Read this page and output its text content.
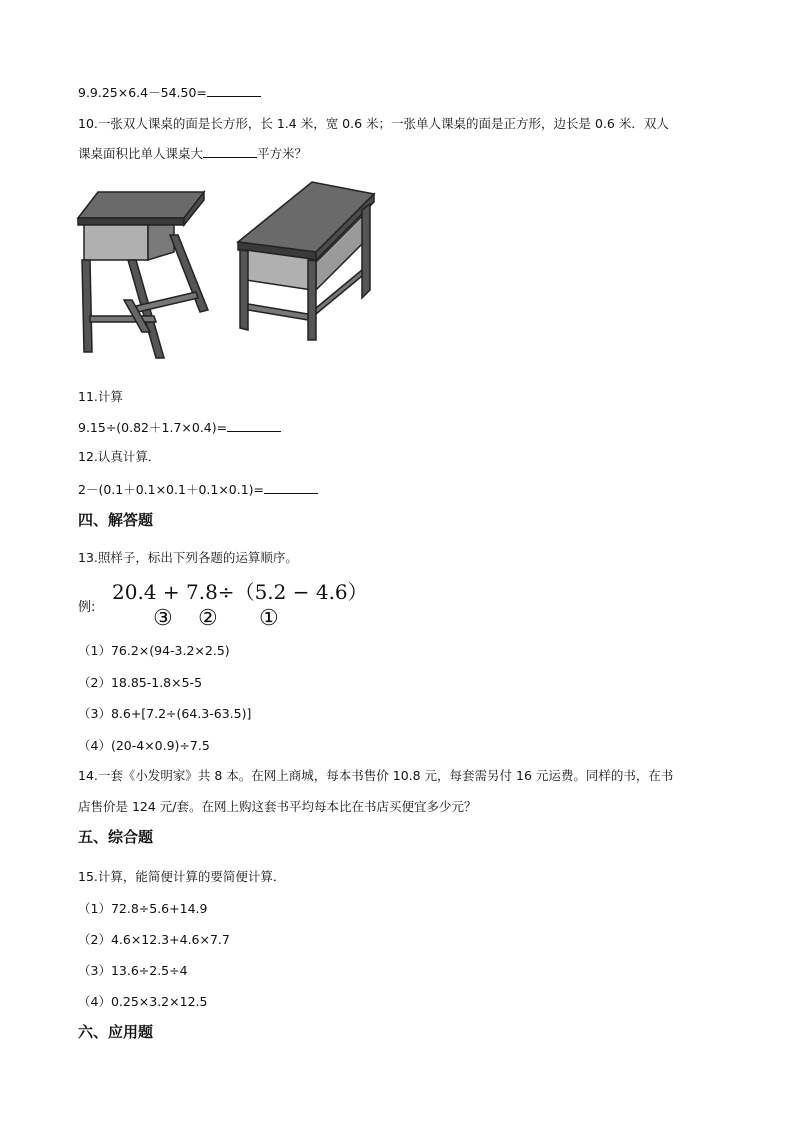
9.9.25×6.4－54.50=
10.一张双人课桌的面是长方形，长 1.4 米，宽 0.6 米；一张单人课桌的面是正方形，边长是 0.6 米．双人
课桌面积比单人课桌大	平方米？
11.计算
9.15÷(0.82＋1.7×0.4)=
12.认真计算．
2－(0.1＋0.1×0.1＋0.1×0.1)=
四、解答题
13.照样子，标出下列各题的运算顺序。
例:
20.4 + 7.8÷（5.2 − 4.6）
③ ② ①
（1）76.2×(94-3.2×2.5)
（2）18.85-1.8×5-5
（3）8.6+[7.2÷(64.3-63.5)]
（4）(20-4×0.9)÷7.5
14.一套《小发明家》共 8 本。在网上商城，每本书售价 10.8 元，每套需另付 16 元运费。同样的书，在书
店售价是 124 元/套。在网上购这套书平均每本比在书店买便宜多少元？
五、综合题
15.计算，能简便计算的要简便计算．
（1）72.8÷5.6+14.9
（2）4.6×12.3+4.6×7.7
（3）13.6÷2.5÷4
（4）0.25×3.2×12.5
六、应用题
